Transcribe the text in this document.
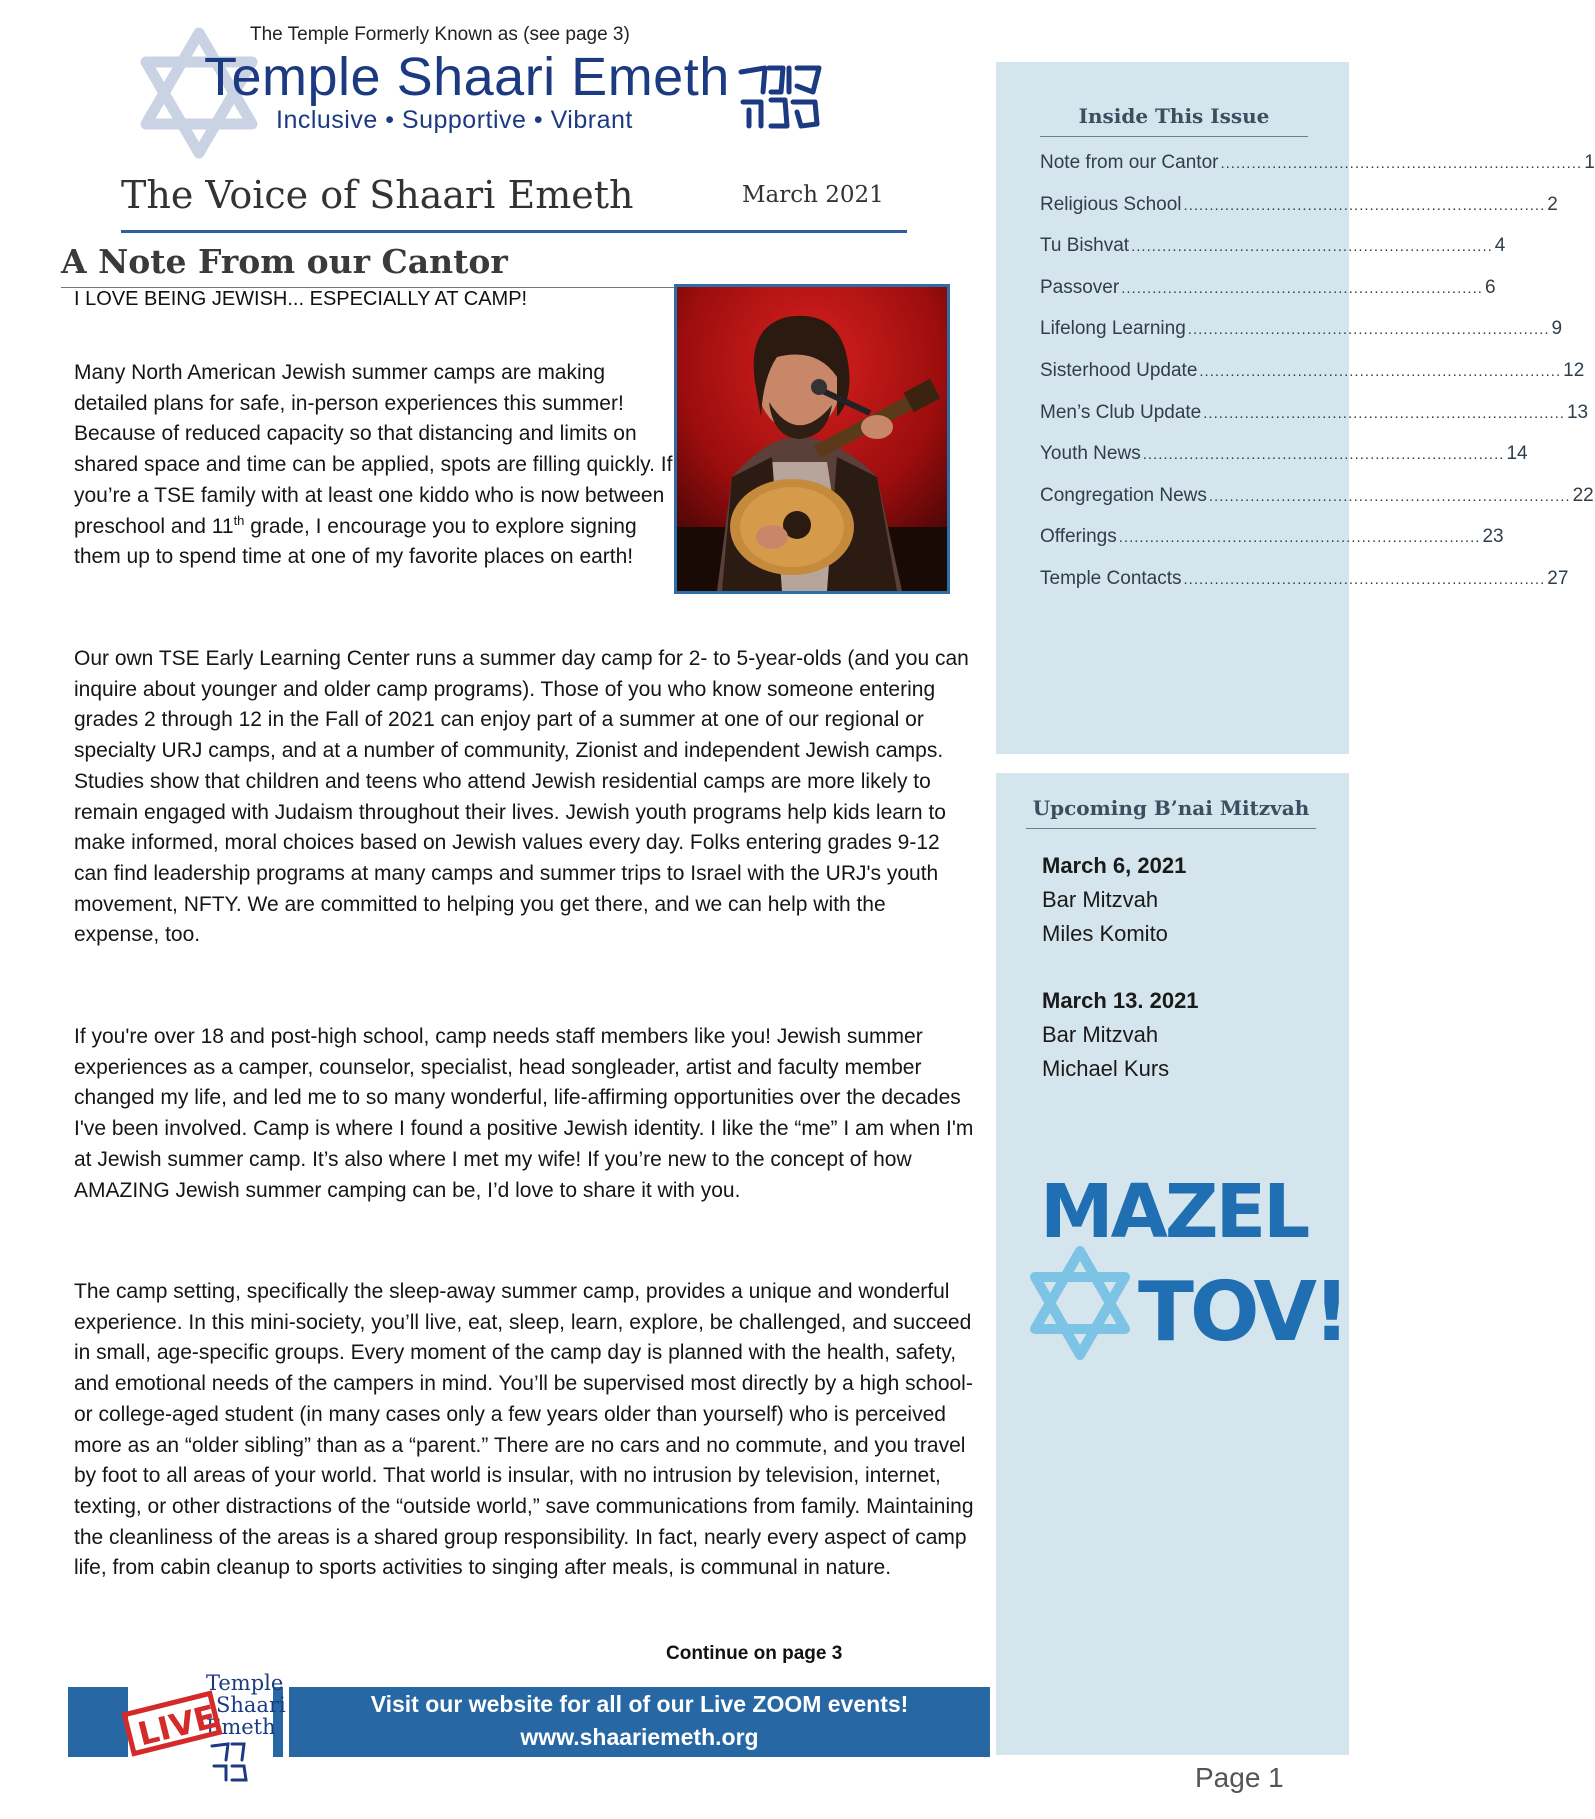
The Temple Formerly Known as (see page 3)
Temple Shaari Emeth
Inclusive • Supportive • Vibrant
The Voice of Shaari Emeth	March 2021
A Note From our Cantor
I LOVE BEING JEWISH... ESPECIALLY AT CAMP!

Many North American Jewish summer camps are making detailed plans for safe, in-person experiences this summer! Because of reduced capacity so that distancing and limits on shared space and time can be applied, spots are filling quickly. If you’re a TSE family with at least one kiddo who is now between preschool and 11th grade, I encourage you to explore signing them up to spend time at one of my favorite places on earth!

Our own TSE Early Learning Center runs a summer day camp for 2- to 5-year-olds (and you can inquire about younger and older camp programs). Those of you who know someone entering grades 2 through 12 in the Fall of 2021 can enjoy part of a summer at one of our regional or specialty URJ camps, and at a number of community, Zionist and independent Jewish camps. Studies show that children and teens who attend Jewish residential camps are more likely to remain engaged with Judaism throughout their lives. Jewish youth programs help kids learn to make informed, moral choices based on Jewish values every day. Folks entering grades 9-12 can find leadership programs at many camps and summer trips to Israel with the URJ's youth movement, NFTY. We are committed to helping you get there, and we can help with the expense, too.

If you're over 18 and post-high school, camp needs staff members like you! Jewish summer experiences as a camper, counselor, specialist, head songleader, artist and faculty member changed my life, and led me to so many wonderful, life-affirming opportunities over the decades I've been involved. Camp is where I found a positive Jewish identity. I like the “me” I am when I'm at Jewish summer camp. It’s also where I met my wife! If you’re new to the concept of how AMAZING Jewish summer camping can be, I’d love to share it with you.

The camp setting, specifically the sleep-away summer camp, provides a unique and wonderful experience. In this mini-society, you’ll live, eat, sleep, learn, explore, be challenged, and succeed in small, age-specific groups. Every moment of the camp day is planned with the health, safety, and emotional needs of the campers in mind. You’ll be supervised most directly by a high school- or college-aged student (in many cases only a few years older than yourself) who is perceived more as an “older sibling” than as a “parent.” There are no cars and no commute, and you travel by foot to all areas of your world. That world is insular, with no intrusion by television, internet, texting, or other distractions of the “outside world,” save communications from family. Maintaining the cleanliness of the areas is a shared group responsibility. In fact, nearly every aspect of camp life, from cabin cleanup to sports activities to singing after meals, is communal in nature.

Continue on page 3
Temple
Shaari
Emeth
LIVE	Visit our website for all of our Live ZOOM events!
www.shaariemeth.org
Inside This Issue
Note from our Cantor .....	1
Religious School .....	2
Tu Bishvat .....	4
Passover .....	6
Lifelong Learning .....	9
Sisterhood Update .....	12
Men’s Club Update .....	13
Youth News .....	14
Congregation News .....	22
Offerings .....	23
Temple Contacts .....	27
Upcoming B’nai Mitzvah
March 6, 2021
Bar Mitzvah
Miles Komito
March 13. 2021
Bar Mitzvah
Michael Kurs
MAZEL
TOV!
Page 1
